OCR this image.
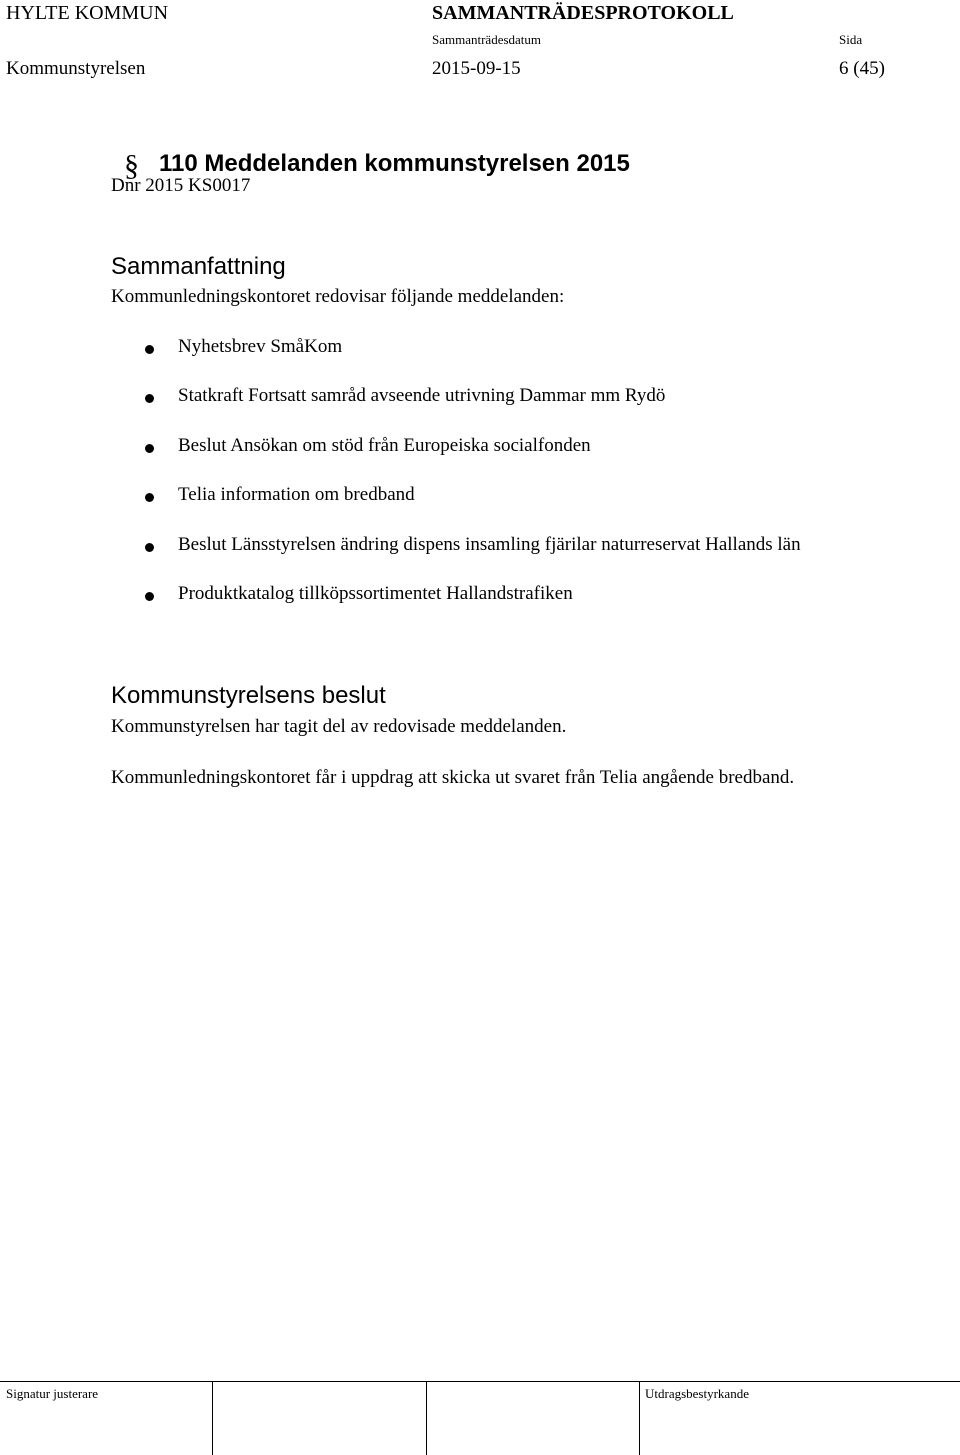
HYLTE KOMMUN	SAMMANTRÄDESPROTOKOLL
Sammanträdesdatum	Sida
Kommunstyrelsen	2015-09-15	6 (45)
§ 110 Meddelanden kommunstyrelsen 2015
Dnr 2015 KS0017
Sammanfattning
Kommunledningskontoret redovisar följande meddelanden:
Nyhetsbrev SmåKom
Statkraft Fortsatt samråd avseende utrivning Dammar mm Rydö
Beslut Ansökan om stöd från Europeiska socialfonden
Telia information om bredband
Beslut Länsstyrelsen ändring dispens insamling fjärilar naturreservat Hallands län
Produktkatalog tillköpssortimentet Hallandstrafiken
Kommunstyrelsens beslut
Kommunstyrelsen har tagit del av redovisade meddelanden.
Kommunledningskontoret får i uppdrag att skicka ut svaret från Telia angående bredband.
Signatur justerare	Utdragsbestyrkande
